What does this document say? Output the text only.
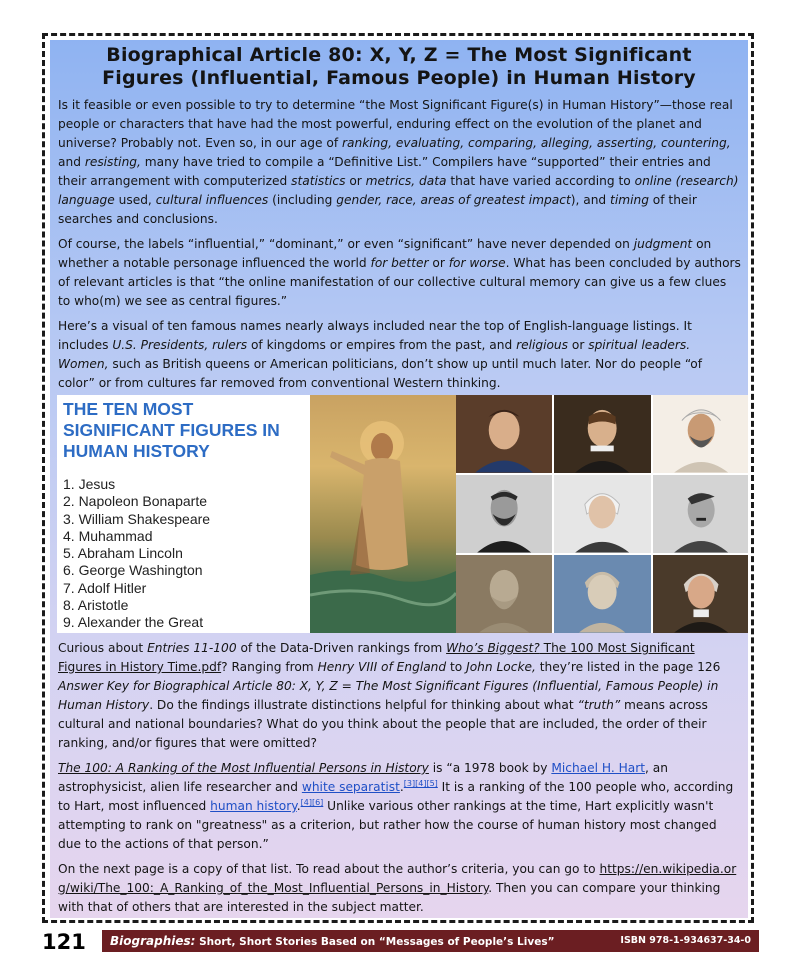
Biographical Article 80: X, Y, Z = The Most Significant
Figures (Influential, Famous People) in Human History

Is it feasible or even possible to try to determine “the Most Significant Figure(s) in Human History”—those real people or characters that have had the most powerful, enduring effect on the evolution of the planet and universe? Probably not. Even so, in our age of ranking, evaluating, comparing, alleging, asserting, countering, and resisting, many have tried to compile a “Definitive List.” Compilers have “supported” their entries and their arrangement with computerized statistics or metrics, data that have varied according to online (research) language used, cultural influences (including gender, race, areas of greatest impact), and timing of their searches and conclusions.

Of course, the labels “influential,” “dominant,” or even “significant” have never depended on judgment on whether a notable personage influenced the world for better or for worse. What has been concluded by authors of relevant articles is that “the online manifestation of our collective cultural memory can give us a few clues to who(m) we see as central figures.”

Here’s a visual of ten famous names nearly always included near the top of English-language listings. It includes U.S. Presidents, rulers of kingdoms or empires from the past, and religious or spiritual leaders. Women, such as British queens or American politicians, don’t show up until much later. Nor do people “of color” or from cultures far removed from conventional Western thinking.

THE TEN MOST SIGNIFICANT FIGURES IN HUMAN HISTORY
1. Jesus
2. Napoleon Bonaparte
3. William Shakespeare
4. Muhammad
5. Abraham Lincoln
6. George Washington
7. Adolf Hitler
8. Aristotle
9. Alexander the Great

Curious about Entries 11-100 of the Data-Driven rankings from Who’s Biggest? The 100 Most Significant Figures in History Time.pdf? Ranging from Henry VIII of England to John Locke, they’re listed in the page 126 Answer Key for Biographical Article 80: X, Y, Z = The Most Significant Figures (Influential, Famous People) in Human History. Do the findings illustrate distinctions helpful for thinking about what “truth” means across cultural and national boundaries? What do you think about the people that are included, the order of their ranking, and/or figures that were omitted?

The 100: A Ranking of the Most Influential Persons in History is “a 1978 book by Michael H. Hart, an astrophysicist, alien life researcher and white separatist.[3][4][5] It is a ranking of the 100 people who, according to Hart, most influenced human history.[4][6] Unlike various other rankings at the time, Hart explicitly wasn't attempting to rank on "greatness" as a criterion, but rather how the course of human history most changed due to the actions of that person.”

On the next page is a copy of that list. To read about the author’s criteria, you can go to https://en.wikipedia.org/wiki/The_100:_A_Ranking_of_the_Most_Influential_Persons_in_History. Then you can compare your thinking with that of others that are interested in the subject matter.

121	Biographies: Short, Short Stories Based on “Messages of People’s Lives”	ISBN 978-1-934637-34-0
